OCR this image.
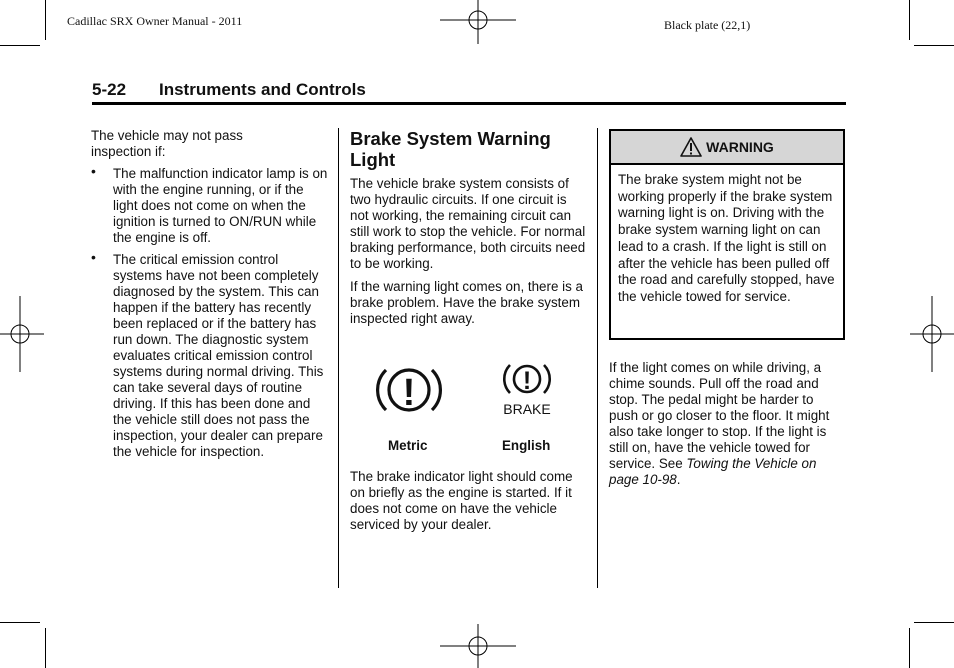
Cadillac SRX Owner Manual - 2011	Black plate (22,1)
5-22 Instruments and Controls

The vehicle may not pass inspection if:

• The malfunction indicator lamp is on with the engine running, or if the light does not come on when the ignition is turned to ON/RUN while the engine is off.
• The critical emission control systems have not been completely diagnosed by the system. This can happen if the battery has recently been replaced or if the battery has run down. The diagnostic system evaluates critical emission control systems during normal driving. This can take several days of routine driving. If this has been done and the vehicle still does not pass the inspection, your dealer can prepare the vehicle for inspection.
Brake System Warning Light

The vehicle brake system consists of two hydraulic circuits. If one circuit is not working, the remaining circuit can still work to stop the vehicle. For normal braking performance, both circuits need to be working.

If the warning light comes on, there is a brake problem. Have the brake system inspected right away.

!	!
BRAKE
Metric	English

The brake indicator light should come on briefly as the engine is started. If it does not come on have the vehicle serviced by your dealer.

WARNING
The brake system might not be working properly if the brake system warning light is on. Driving with the brake system warning light on can lead to a crash. If the light is still on after the vehicle has been pulled off the road and carefully stopped, have the vehicle towed for service.

If the light comes on while driving, a chime sounds. Pull off the road and stop. The pedal might be harder to push or go closer to the floor. It might also take longer to stop. If the light is still on, have the vehicle towed for service. See Towing the Vehicle on page 10-98.
